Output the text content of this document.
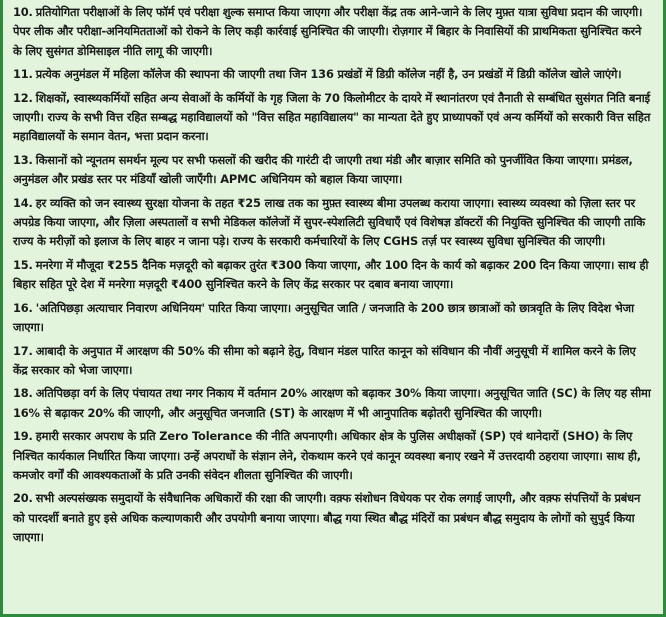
10. प्रतियोगिता परीक्षाओं के लिए फॉर्म एवं परीक्षा शुल्क समाप्त किया जाएगा और परीक्षा केंद्र तक आने-जाने के लिए मुफ़्त यात्रा सुविधा प्रदान की जाएगी। पेपर लीक और परीक्षा-अनियमितताओं को रोकने के लिए कड़ी कार्रवाई सुनिश्चित की जाएगी। रोज़गार में बिहार के निवासियों की प्राथमिकता सुनिश्चित करने के लिए सुसंगत डोमिसाइल नीति लागू की जाएगी।

11. प्रत्येक अनुमंडल में महिला कॉलेज की स्थापना की जाएगी तथा जिन 136 प्रखंडों में डिग्री कॉलेज नहीं है, उन प्रखंडों में डिग्री कॉलेज खोले जाएंगे।

12. शिक्षकों, स्वास्थ्यकर्मियों सहित अन्य सेवाओं के कर्मियों के गृह जिला के 70 किलोमीटर के दायरे में स्थानांतरण एवं तैनाती से सम्बंधित सुसंगत निति बनाई जाएगी। राज्य के सभी वित्त रहित सम्बद्ध महाविद्यालयों को "वित्त सहित महाविद्यालय" का मान्यता देते हुए प्राध्यापकों एवं अन्य कर्मियों को सरकारी वित्त सहित महाविद्यालयों के समान वेतन, भत्ता प्रदान करना।

13. किसानों को न्यूनतम समर्थन मूल्य पर सभी फसलों की खरीद की गारंटी दी जाएगी तथा मंडी और बाज़ार समिति को पुनर्जीवित किया जाएगा। प्रमंडल, अनुमंडल और प्रखंड स्तर पर मंडियाँ खोली जाएँगी। APMC अधिनियम को बहाल किया जाएगा।

14. हर व्यक्ति को जन स्वास्थ्य सुरक्षा योजना के तहत ₹25 लाख तक का मुफ़्त स्वास्थ्य बीमा उपलब्ध कराया जाएगा। स्वास्थ्य व्यवस्था को ज़िला स्तर पर अपग्रेड किया जाएगा, और ज़िला अस्पतालों व सभी मेडिकल कॉलेजों में सुपर-स्पेशलिटी सुविधाएँ एवं विशेषज्ञ डॉक्टरों की नियुक्ति सुनिश्चित की जाएगी ताकि राज्य के मरीज़ों को इलाज के लिए बाहर न जाना पड़े। राज्य के सरकारी कर्मचारियों के लिए CGHS तर्ज़ पर स्वास्थ्य सुविधा सुनिश्चित की जाएगी।

15. मनरेगा में मौजूदा ₹255 दैनिक मज़दूरी को बढ़ाकर तुरंत ₹300 किया जाएगा, और 100 दिन के कार्य को बढ़ाकर 200 दिन किया जाएगा। साथ ही बिहार सहित पूरे देश में मनरेगा मज़दूरी ₹400 सुनिश्चित करने के लिए केंद्र सरकार पर दबाव बनाया जाएगा।

16. 'अतिपिछड़ा अत्याचार निवारण अधिनियम' पारित किया जाएगा। अनुसूचित जाति / जनजाति के 200 छात्र छात्राओं को छात्रवृति के लिए विदेश भेजा जाएगा।

17. आबादी के अनुपात में आरक्षण की 50% की सीमा को बढ़ाने हेतु, विधान मंडल पारित कानून को संविधान की नौवीं अनुसूची में शामिल करने के लिए केंद्र सरकार को भेजा जाएगा।

18. अतिपिछड़ा वर्ग के लिए पंचायत तथा नगर निकाय में वर्तमान 20% आरक्षण को बढ़ाकर 30% किया जाएगा। अनुसूचित जाति (SC) के लिए यह सीमा 16% से बढ़ाकर 20% की जाएगी, और अनुसूचित जनजाति (ST) के आरक्षण में भी आनुपातिक बढ़ोतरी सुनिश्चित की जाएगी।

19. हमारी सरकार अपराध के प्रति Zero Tolerance की नीति अपनाएगी। अधिकार क्षेत्र के पुलिस अधीक्षकों (SP) एवं थानेदारों (SHO) के लिए निश्चित कार्यकाल निर्धारित किया जाएगा। उन्हें अपराधों के संज्ञान लेने, रोकथाम करने एवं कानून व्यवस्था बनाए रखने में उत्तरदायी ठहराया जाएगा। साथ ही, कमजोर वर्गों की आवश्यकताओं के प्रति उनकी संवेदन शीलता सुनिश्चित की जाएगी।

20. सभी अल्पसंख्यक समुदायों के संवैधानिक अधिकारों की रक्षा की जाएगी। वक़्फ संशोधन विधेयक पर रोक लगाई जाएगी, और वक़्फ संपत्तियों के प्रबंधन को पारदर्शी बनाते हुए इसे अधिक कल्याणकारी और उपयोगी बनाया जाएगा। बौद्ध गया स्थित बौद्ध मंदिरों का प्रबंधन बौद्ध समुदाय के लोगों को सुपुर्द किया जाएगा।
